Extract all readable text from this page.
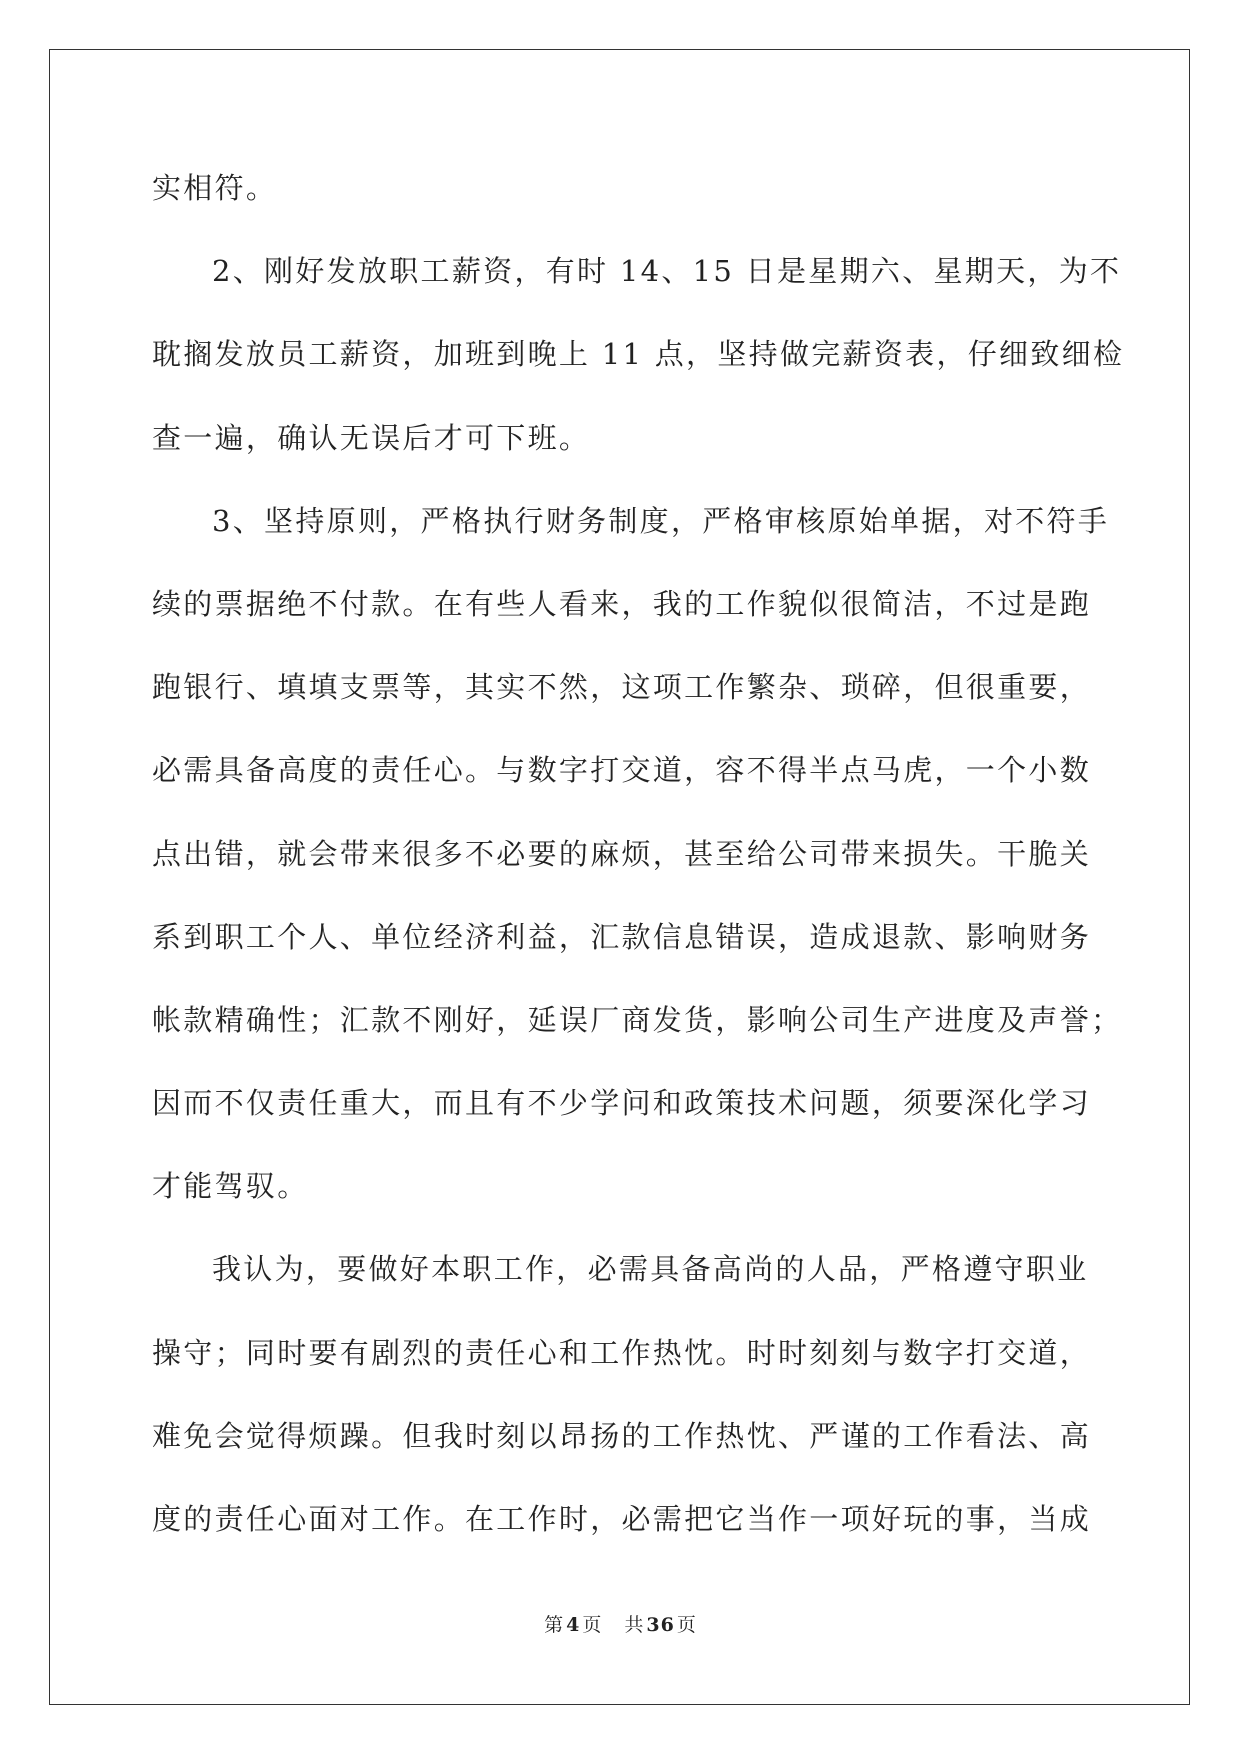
实相符。
2、刚好发放职工薪资，有时 14、15 日是星期六、星期天，为不
耽搁发放员工薪资，加班到晚上 11 点，坚持做完薪资表，仔细致细检
查一遍，确认无误后才可下班。
3、坚持原则，严格执行财务制度，严格审核原始单据，对不符手
续的票据绝不付款。在有些人看来，我的工作貌似很简洁，不过是跑
跑银行、填填支票等，其实不然，这项工作繁杂、琐碎，但很重要，
必需具备高度的责任心。与数字打交道，容不得半点马虎，一个小数
点出错，就会带来很多不必要的麻烦，甚至给公司带来损失。干脆关
系到职工个人、单位经济利益，汇款信息错误，造成退款、影响财务
帐款精确性；汇款不刚好，延误厂商发货，影响公司生产进度及声誉；
因而不仅责任重大，而且有不少学问和政策技术问题，须要深化学习
才能驾驭。
我认为，要做好本职工作，必需具备高尚的人品，严格遵守职业
操守；同时要有剧烈的责任心和工作热忱。时时刻刻与数字打交道，
难免会觉得烦躁。但我时刻以昂扬的工作热忱、严谨的工作看法、高
度的责任心面对工作。在工作时，必需把它当作一项好玩的事，当成
第 4 页 共 36 页
